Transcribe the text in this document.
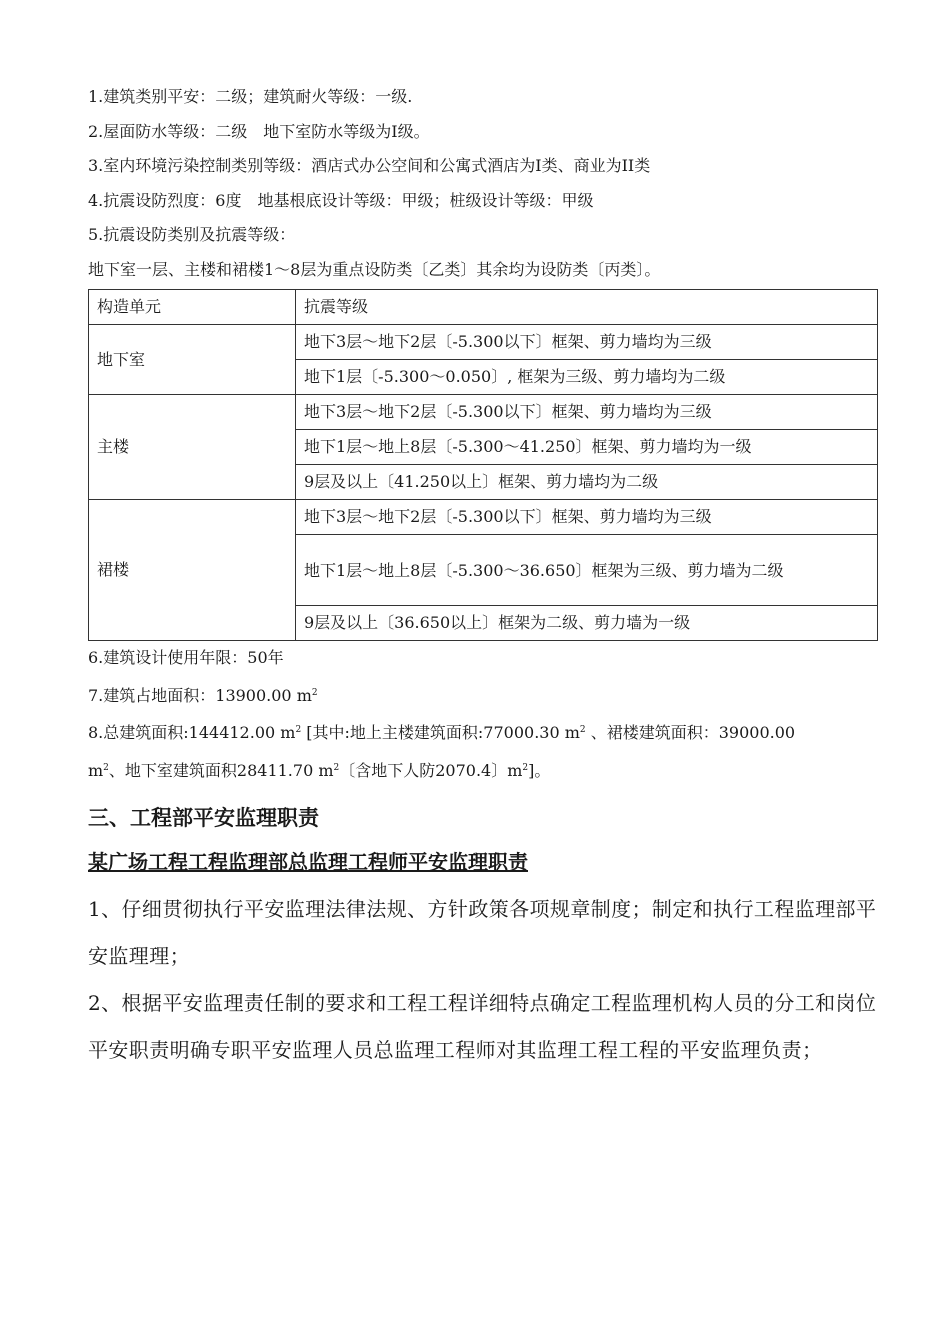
1.建筑类别平安：二级；建筑耐火等级：一级.

2.屋面防水等级：二级　地下室防水等级为Ⅰ级。

3.室内环境污染控制类别等级：酒店式办公空间和公寓式酒店为Ⅰ类、商业为ⅠI类

4.抗震设防烈度：6度　地基根底设计等级：甲级；桩级设计等级：甲级

5.抗震设防类别及抗震等级：

地下室一层、主楼和裙楼1～8层为重点设防类〔乙类〕其余均为设防类〔丙类〕。

构造单元	抗震等级
地下室	地下3层～地下2层〔-5.300以下〕框架、剪力墙均为三级
	地下1层〔-5.300～0.050〕, 框架为三级、剪力墙均为二级
主楼	地下3层～地下2层〔-5.300以下〕框架、剪力墙均为三级
	地下1层～地上8层〔-5.300～41.250〕框架、剪力墙均为一级
	9层及以上〔41.250以上〕框架、剪力墙均为二级
裙楼	地下3层～地下2层〔-5.300以下〕框架、剪力墙均为三级
	地下1层～地上8层〔-5.300～36.650〕框架为三级、剪力墙为二级
	9层及以上〔36.650以上〕框架为二级、剪力墙为一级

6.建筑设计使用年限：50年

7.建筑占地面积：13900.00 $m^2$

8.总建筑面积:144412.00 $m^2$ [其中:地上主楼建筑面积:77000.30 $m^2$ 、裙楼建筑面积：39000.00

$m^2$、地下室建筑面积28411.70 $m^2$〔含地下人防2070.4〕$m^2$]。

三、工程部平安监理职责
某广场工程工程监理部总监理工程师平安监理职责

1、仔细贯彻执行平安监理法律法规、方针政策各项规章制度；制定和执行工程监理部平安监理理；

2、根据平安监理责任制的要求和工程工程详细特点确定工程监理机构人员的分工和岗位平安职责明确专职平安监理人员总监理工程师对其监理工程工程的平安监理负责；
